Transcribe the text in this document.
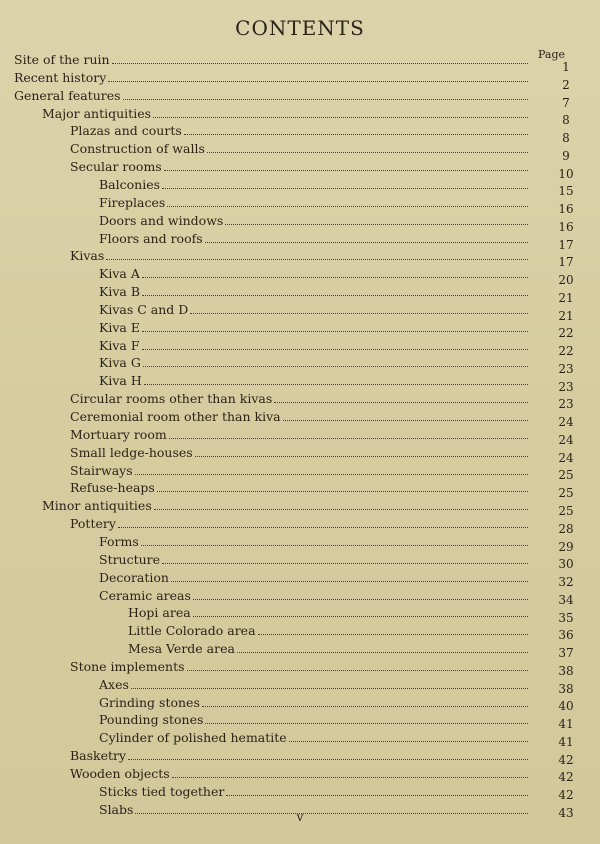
CONTENTS
Page
Site of the ruin
Recent history
General features
Major antiquities
Plazas and courts
Construction of walls
Secular rooms
Balconies
Fireplaces
Doors and windows
Floors and roofs
Kivas
Kiva A
Kiva B
Kivas C and D
Kiva E
Kiva F
Kiva G
Kiva H
Circular rooms other than kivas
Ceremonial room other than kiva
Mortuary room
Small ledge-houses
Stairways
Refuse-heaps
Minor antiquities
Pottery
Forms
Structure
Decoration
Ceramic areas
Hopi area
Little Colorado area
Mesa Verde area
Stone implements
Axes
Grinding stones
Pounding stones
Cylinder of polished hematite
Basketry
Wooden objects
Sticks tied together
Slabs
1
2
7
8
8
9
10
15
16
16
17
17
20
21
21
22
22
23
23
23
24
24
24
25
25
25
28
29
30
32
34
35
36
37
38
38
40
41
41
42
42
42
43
v
